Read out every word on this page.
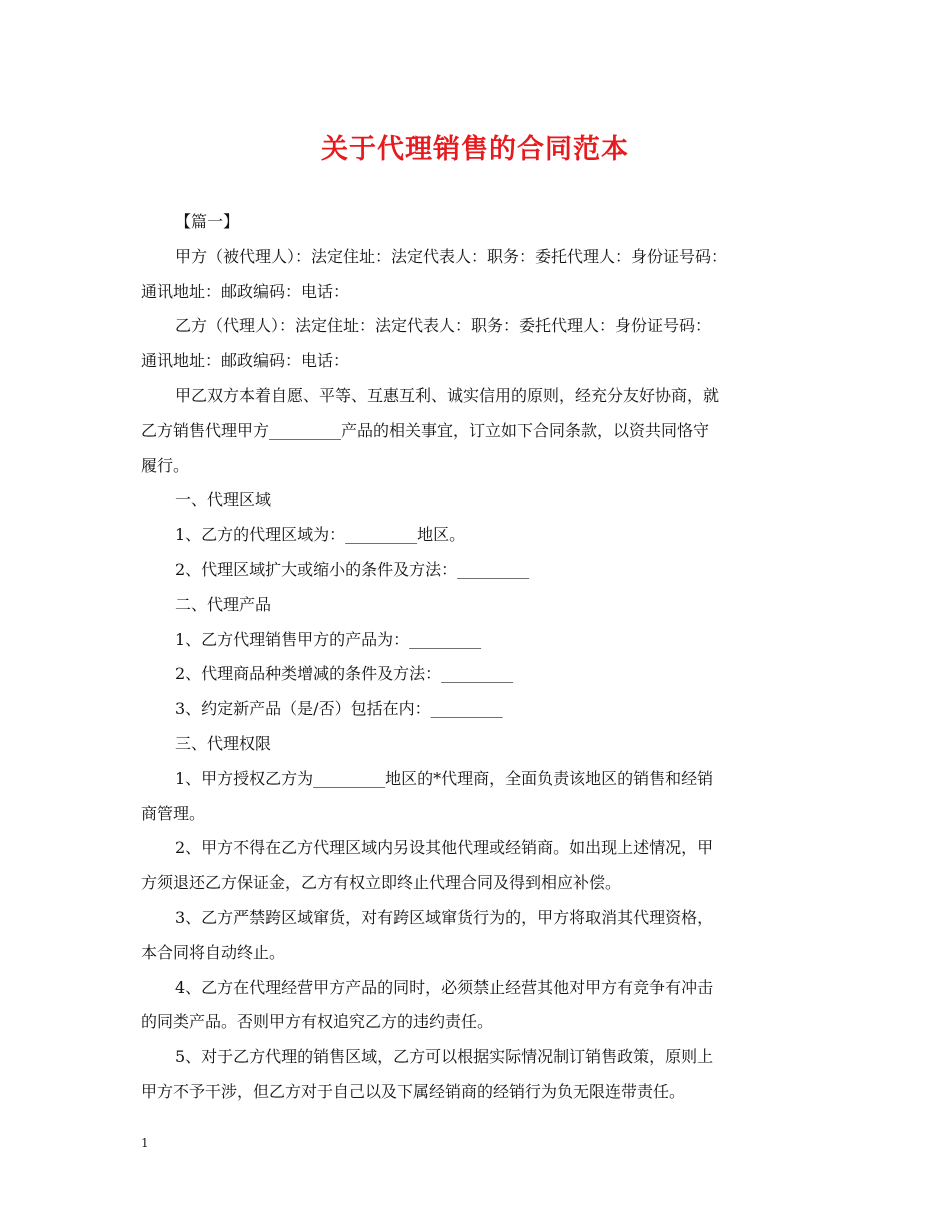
关于代理销售的合同范本
【篇一】
甲方（被代理人）：法定住址：法定代表人：职务：委托代理人：身份证号码：
通讯地址：邮政编码：电话：
乙方（代理人）：法定住址：法定代表人：职务：委托代理人：身份证号码：
通讯地址：邮政编码：电话：
甲乙双方本着自愿、平等、互惠互利、诚实信用的原则，经充分友好协商，就
乙方销售代理甲方_________产品的相关事宜，订立如下合同条款，以资共同恪守
履行。
一、代理区域
1、乙方的代理区域为：_________地区。
2、代理区域扩大或缩小的条件及方法：_________
二、代理产品
1、乙方代理销售甲方的产品为：_________
2、代理商品种类增减的条件及方法：_________
3、约定新产品（是/否）包括在内：_________
三、代理权限
1、甲方授权乙方为_________地区的*代理商，全面负责该地区的销售和经销
商管理。
2、甲方不得在乙方代理区域内另设其他代理或经销商。如出现上述情况，甲
方须退还乙方保证金，乙方有权立即终止代理合同及得到相应补偿。
3、乙方严禁跨区域窜货，对有跨区域窜货行为的，甲方将取消其代理资格，
本合同将自动终止。
4、乙方在代理经营甲方产品的同时，必须禁止经营其他对甲方有竞争有冲击
的同类产品。否则甲方有权追究乙方的违约责任。
5、对于乙方代理的销售区域，乙方可以根据实际情况制订销售政策，原则上
甲方不予干涉，但乙方对于自己以及下属经销商的经销行为负无限连带责任。
1
